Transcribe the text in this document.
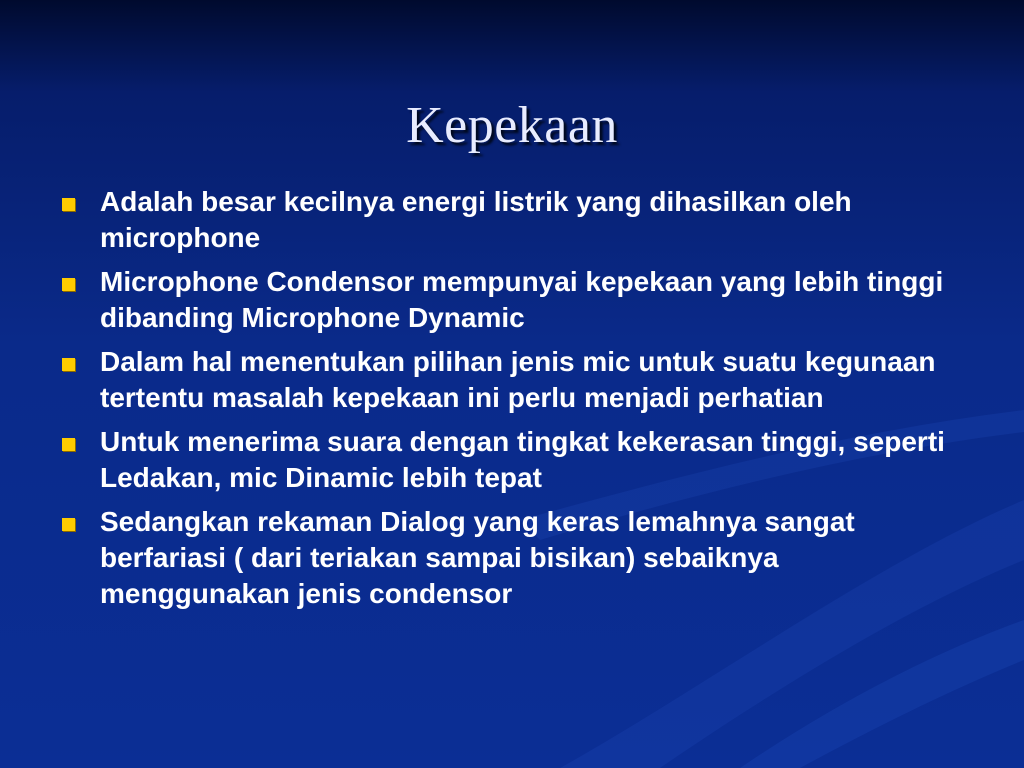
Kepekaan
Adalah besar kecilnya energi listrik yang dihasilkan oleh microphone
Microphone Condensor mempunyai kepekaan yang lebih tinggi dibanding Microphone Dynamic
Dalam hal menentukan pilihan jenis mic untuk suatu kegunaan tertentu masalah kepekaan ini perlu menjadi perhatian
Untuk menerima suara dengan tingkat kekerasan tinggi, seperti Ledakan, mic Dinamic lebih tepat
Sedangkan rekaman Dialog yang keras lemahnya sangat berfariasi ( dari teriakan sampai bisikan) sebaiknya menggunakan jenis condensor
